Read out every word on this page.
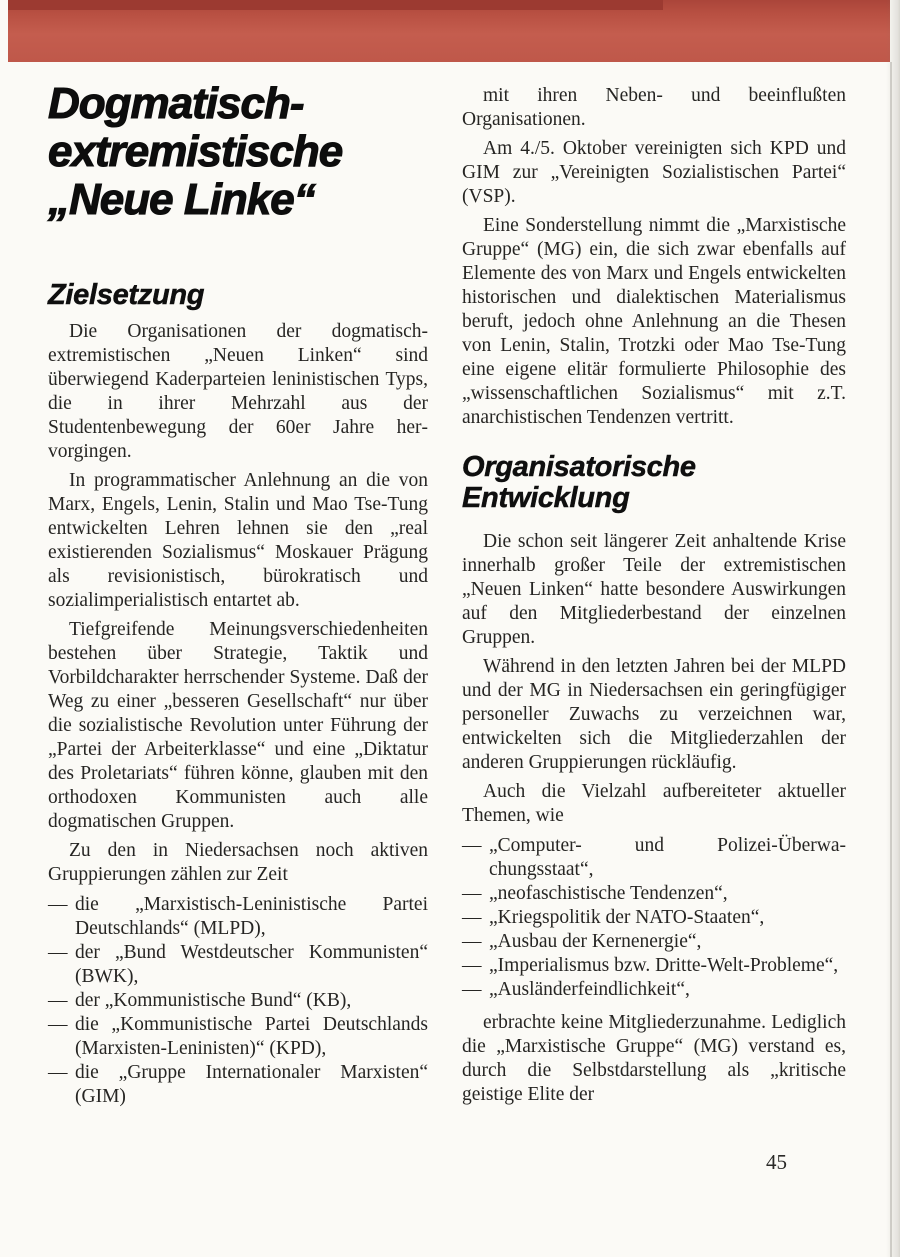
Dogmatisch-
extremistische
„Neue Linke“
Zielsetzung

Die Organisationen der dogmatisch-extremistischen „Neuen Linken“ sind überwiegend Kaderparteien leninistischen Typs, die in ihrer Mehrzahl aus der Studentenbewegung der 60er Jahre hervorgingen.

In programmatischer Anlehnung an die von Marx, Engels, Lenin, Stalin und Mao Tse-Tung entwickelten Lehren lehnen sie den „real existierenden Sozialismus“ Moskauer Prägung als revisionistisch, bürokratisch und sozialimperialistisch entartet ab.

Tiefgreifende Meinungsverschiedenheiten bestehen über Strategie, Taktik und Vorbildcharakter herrschender Systeme. Daß der Weg zu einer „besseren Gesellschaft“ nur über die sozialistische Revolution unter Führung der „Partei der Arbeiterklasse“ und eine „Diktatur des Proletariats“ führen könne, glauben mit den orthodoxen Kommunisten auch alle dogmatischen Gruppen.

Zu den in Niedersachsen noch aktiven Gruppierungen zählen zur Zeit

— die „Marxistisch-Leninistische Partei Deutschlands“ (MLPD),
— der „Bund Westdeutscher Kommunisten“ (BWK),
— der „Kommunistische Bund“ (KB),
— die „Kommunistische Partei Deutschlands (Marxisten-Leninisten)“ (KPD),
— die „Gruppe Internationaler Marxisten“ (GIM)

mit ihren Neben- und beeinflußten Organisationen.

Am 4./5. Oktober vereinigten sich KPD und GIM zur „Vereinigten Sozialistischen Partei“ (VSP).

Eine Sonderstellung nimmt die „Marxistische Gruppe“ (MG) ein, die sich zwar ebenfalls auf Elemente des von Marx und Engels entwickelten historischen und dialektischen Materialismus beruft, jedoch ohne Anlehnung an die Thesen von Lenin, Stalin, Trotzki oder Mao Tse-Tung eine eigene elitär formulierte Philosophie des „wissenschaftlichen Sozialismus“ mit z.T. anarchistischen Tendenzen vertritt.

Organisatorische
Entwicklung

Die schon seit längerer Zeit anhaltende Krise innerhalb großer Teile der extremistischen „Neuen Linken“ hatte besondere Auswirkungen auf den Mitgliederbestand der einzelnen Gruppen.

Während in den letzten Jahren bei der MLPD und der MG in Niedersachsen ein geringfügiger personeller Zuwachs zu verzeichnen war, entwickelten sich die Mitgliederzahlen der anderen Gruppierungen rückläufig.

Auch die Vielzahl aufbereiteter aktueller Themen, wie

— „Computer- und Polizei-Überwachungsstaat“,
— „neofaschistische Tendenzen“,
— „Kriegspolitik der NATO-Staaten“,
— „Ausbau der Kernenergie“,
— „Imperialismus bzw. Dritte-Welt-Probleme“,
— „Ausländerfeindlichkeit“,

erbrachte keine Mitgliederzunahme. Lediglich die „Marxistische Gruppe“ (MG) verstand es, durch die Selbstdarstellung als „kritische geistige Elite der

45
